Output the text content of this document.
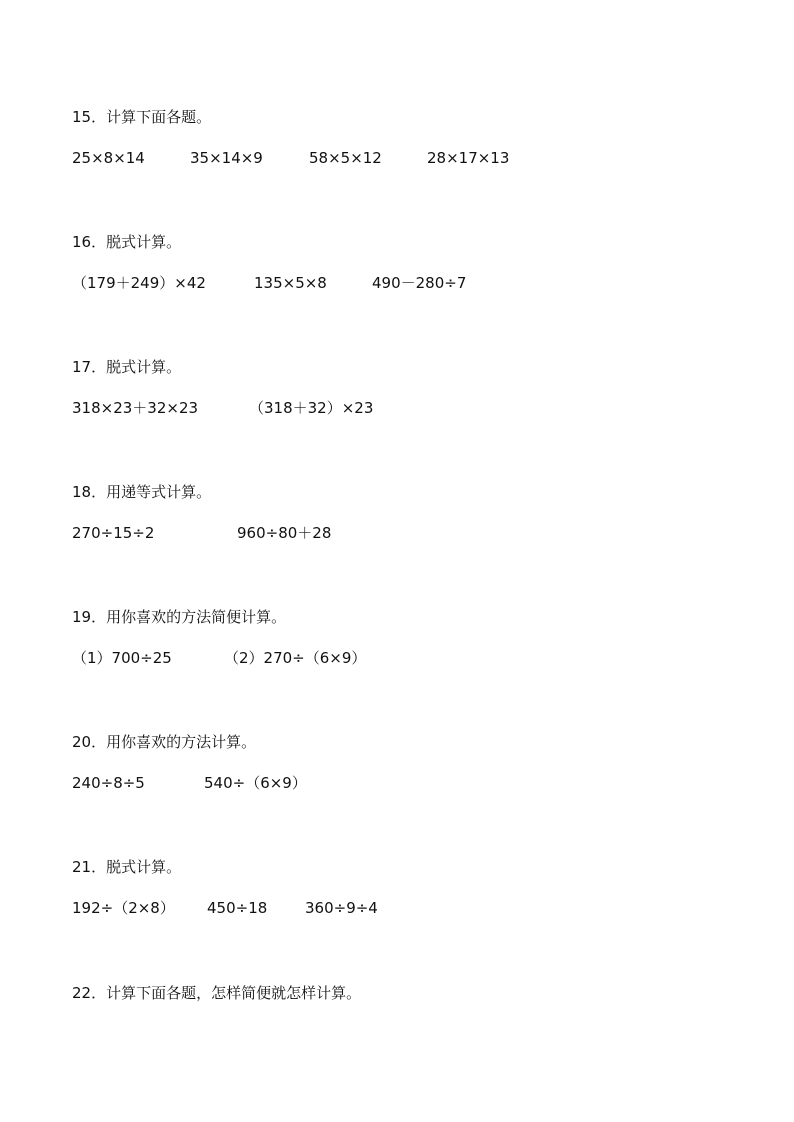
15．计算下面各题。
25×8×14	35×14×9	58×5×12	28×17×13
16．脱式计算。
（179＋249）×42	135×5×8	490－280÷7
17．脱式计算。
318×23＋32×23	（318＋32）×23
18．用递等式计算。
270÷15÷2	960÷80＋28
19．用你喜欢的方法简便计算。
（1）700÷25	（2）270÷（6×9）
20．用你喜欢的方法计算。
240÷8÷5	540÷（6×9）
21．脱式计算。
192÷（2×8） 450÷18	360÷9÷4
22．计算下面各题，怎样简便就怎样计算。
